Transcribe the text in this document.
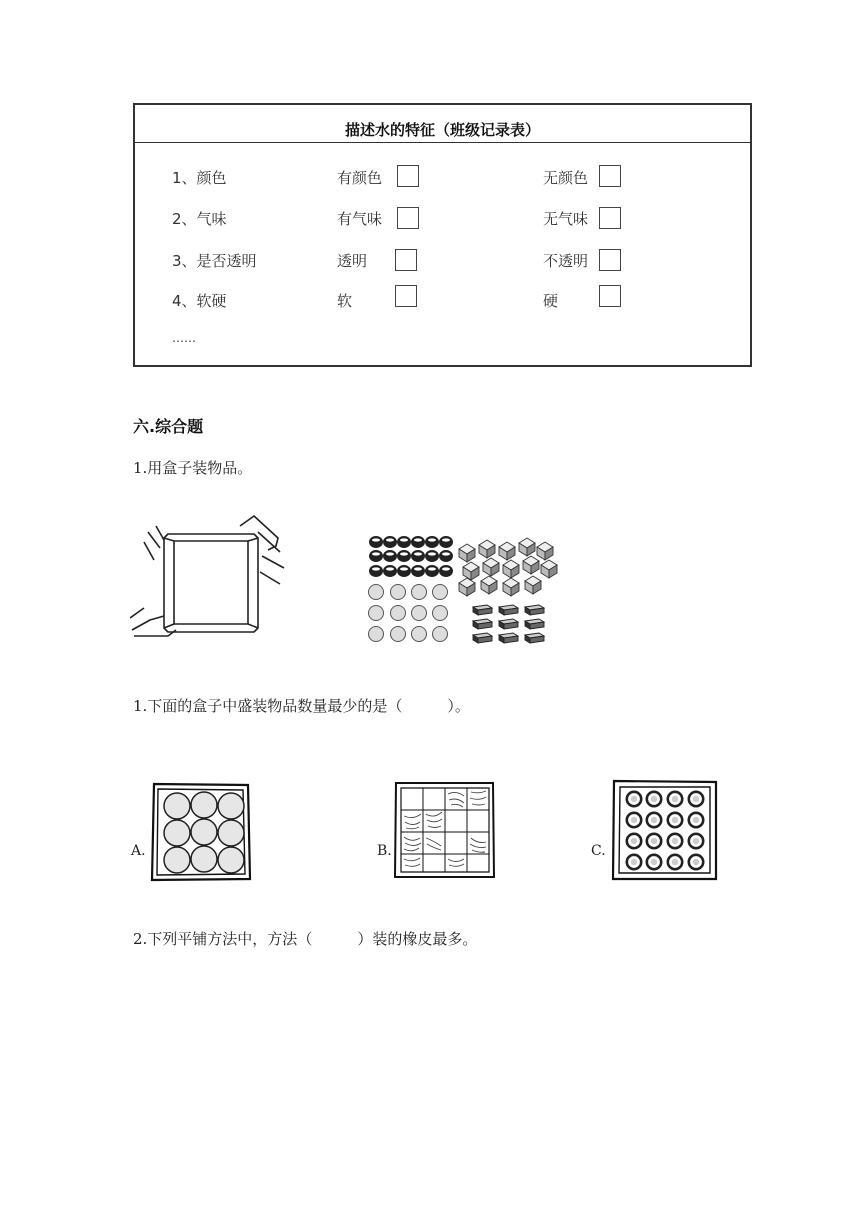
描述水的特征（班级记录表）
1、颜色	有颜色	无颜色
2、气味	有气味	无气味
3、是否透明	透明	不透明
4、软硬	软	硬
……
六.综合题
1.用盒子装物品。
1.下面的盒子中盛装物品数量最少的是（　　　）。
A.	B.	C.
2.下列平铺方法中，方法（　　　）装的橡皮最多。
